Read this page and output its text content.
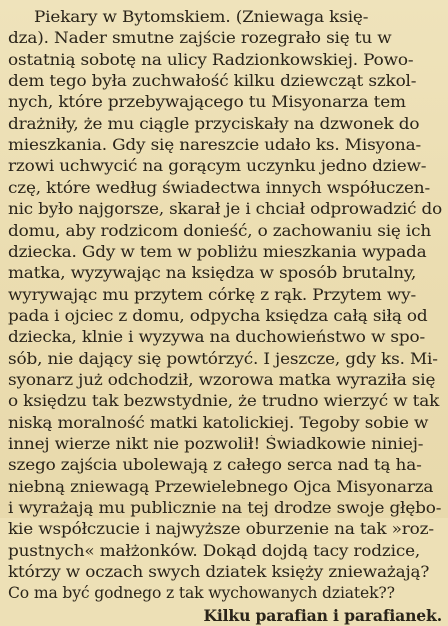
Piekary w Bytomskiem. (Zniewaga księ-
dza). Nader smutne zajście rozegrało się tu w
ostatnią sobotę na ulicy Radzionkowskiej. Powo-
dem tego była zuchwałość kilku dziewcząt szkol-
nych, które przebywającego tu Misyonarza tem
drażniły, że mu ciągle przyciskały na dzwonek do
mieszkania. Gdy się nareszcie udało ks. Misyona-
rzowi uchwycić na gorącym uczynku jedno dziew-
czę, które według świadectwa innych współuczen-
nic było najgorsze, skarał je i chciał odprowadzić do
domu, aby rodzicom donieść, o zachowaniu się ich
dziecka. Gdy w tem w pobliżu mieszkania wypada
matka, wyzywając na księdza w sposób brutalny,
wyrywając mu przytem córkę z rąk. Przytem wy-
pada i ojciec z domu, odpycha księdza całą siłą od
dziecka, klnie i wyzywa na duchowieństwo w spo-
sób, nie dający się powtórzyć. I jeszcze, gdy ks. Mi-
syonarz już odchodził, wzorowa matka wyraziła się
o księdzu tak bezwstydnie, że trudno wierzyć w tak
niską moralność matki katolickiej. Tegoby sobie w
innej wierze nikt nie pozwolił! Świadkowie niniej-
szego zajścia ubolewają z całego serca nad tą ha-
niebną zniewagą Przewielebnego Ojca Misyonarza
i wyrażają mu publicznie na tej drodze swoje głębo-
kie współczucie i najwyższe oburzenie na tak »roz-
pustnych« małżonków. Dokąd dojdą tacy rodzice,
którzy w oczach swych dziatek księży znieważają?
Co ma być godnego z tak wychowanych dziatek??
Kilku parafian i parafianek.
